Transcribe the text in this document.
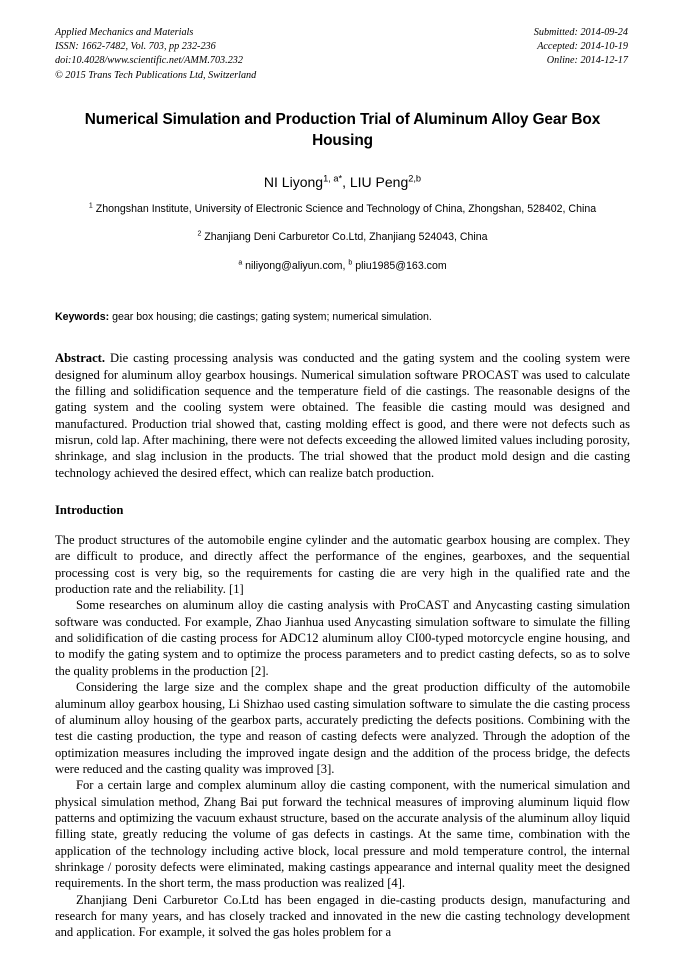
Applied Mechanics and Materials
ISSN: 1662-7482, Vol. 703, pp 232-236
doi:10.4028/www.scientific.net/AMM.703.232
© 2015 Trans Tech Publications Ltd, Switzerland
Submitted: 2014-09-24
Accepted: 2014-10-19
Online: 2014-12-17
Numerical Simulation and Production Trial of Aluminum Alloy Gear Box Housing
NI Liyong$^{1, a*}$, LIU Peng$^{2,b}$
$^1$ Zhongshan Institute, University of Electronic Science and Technology of China, Zhongshan, 528402, China
$^2$ Zhanjiang Deni Carburetor Co.Ltd, Zhanjiang 524043, China
$^a$ niliyong@aliyun.com, $^b$ pliu1985@163.com
Keywords: gear box housing; die castings; gating system; numerical simulation.
Abstract. Die casting processing analysis was conducted and the gating system and the cooling system were designed for aluminum alloy gearbox housings. Numerical simulation software PROCAST was used to calculate the filling and solidification sequence and the temperature field of die castings. The reasonable designs of the gating system and the cooling system were obtained. The feasible die casting mould was designed and manufactured. Production trial showed that, casting molding effect is good, and there were not defects such as misrun, cold lap. After machining, there were not defects exceeding the allowed limited values including porosity, shrinkage, and slag inclusion in the products. The trial showed that the product mold design and die casting technology achieved the desired effect, which can realize batch production.
Introduction

The product structures of the automobile engine cylinder and the automatic gearbox housing are complex. They are difficult to produce, and directly affect the performance of the engines, gearboxes, and the sequential processing cost is very big, so the requirements for casting die are very high in the qualified rate and the production rate and the reliability. [1]

Some researches on aluminum alloy die casting analysis with ProCAST and Anycasting casting simulation software was conducted. For example, Zhao Jianhua used Anycasting simulation software to simulate the filling and solidification of die casting process for ADC12 aluminum alloy CI00-typed motorcycle engine housing, and to modify the gating system and to optimize the process parameters and to predict casting defects, so as to solve the quality problems in the production [2].

Considering the large size and the complex shape and the great production difficulty of the automobile aluminum alloy gearbox housing, Li Shizhao used casting simulation software to simulate the die casting process of aluminum alloy housing of the gearbox parts, accurately predicting the defects positions. Combining with the test die casting production, the type and reason of casting defects were analyzed. Through the adoption of the optimization measures including the improved ingate design and the addition of the process bridge, the defects were reduced and the casting quality was improved [3].

For a certain large and complex aluminum alloy die casting component, with the numerical simulation and physical simulation method, Zhang Bai put forward the technical measures of improving aluminum liquid flow patterns and optimizing the vacuum exhaust structure, based on the accurate analysis of the aluminum alloy liquid filling state, greatly reducing the volume of gas defects in castings. At the same time, combination with the application of the technology including active block, local pressure and mold temperature control, the internal shrinkage / porosity defects were eliminated, making castings appearance and internal quality meet the designed requirements. In the short term, the mass production was realized [4].

Zhanjiang Deni Carburetor Co.Ltd has been engaged in die-casting products design, manufacturing and research for many years, and has closely tracked and innovated in the new die casting technology development and application. For example, it solved the gas holes problem for a
